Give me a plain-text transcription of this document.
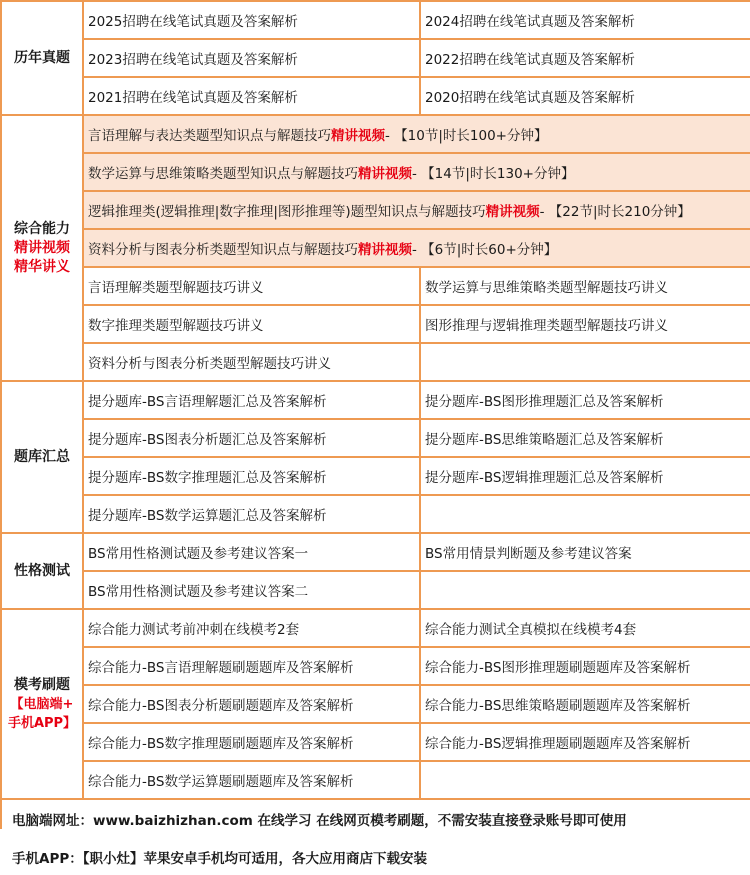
历年真题
2025招聘在线笔试真题及答案解析	2024招聘在线笔试真题及答案解析
2023招聘在线笔试真题及答案解析	2022招聘在线笔试真题及答案解析
2021招聘在线笔试真题及答案解析	2020招聘在线笔试真题及答案解析
综合能力
精讲视频
精华讲义
言语理解与表达类题型知识点与解题技巧 精讲视频 - 【10节|时长100+分钟】
数学运算与思维策略类题型知识点与解题技巧 精讲视频 - 【14节|时长130+分钟】
逻辑推理类(逻辑推理|数字推理|图形推理等)题型知识点与解题技巧 精讲视频 - 【22节|时长210分钟】
资料分析与图表分析类题型知识点与解题技巧 精讲视频 - 【6节|时长60+分钟】
言语理解类题型解题技巧讲义	数学运算与思维策略类题型解题技巧讲义
数字推理类题型解题技巧讲义	图形推理与逻辑推理类题型解题技巧讲义
资料分析与图表分析类题型解题技巧讲义
题库汇总
提分题库-BS言语理解题汇总及答案解析	提分题库-BS图形推理题汇总及答案解析
提分题库-BS图表分析题汇总及答案解析	提分题库-BS思维策略题汇总及答案解析
提分题库-BS数字推理题汇总及答案解析	提分题库-BS逻辑推理题汇总及答案解析
提分题库-BS数学运算题汇总及答案解析
性格测试
BS常用性格测试题及参考建议答案一	BS常用情景判断题及参考建议答案
BS常用性格测试题及参考建议答案二
模考刷题
【电脑端+
手机APP】
综合能力测试考前冲刺在线模考2套	综合能力测试全真模拟在线模考4套
综合能力-BS言语理解题刷题题库及答案解析	综合能力-BS图形推理题刷题题库及答案解析
综合能力-BS图表分析题刷题题库及答案解析	综合能力-BS思维策略题刷题题库及答案解析
综合能力-BS数字推理题刷题题库及答案解析	综合能力-BS逻辑推理题刷题题库及答案解析
综合能力-BS数学运算题刷题题库及答案解析
电脑端网址：www.baizhizhan.com 在线学习 在线网页模考刷题，不需安装直接登录账号即可使用
手机APP：【职小灶】苹果安卓手机均可适用，各大应用商店下载安装
